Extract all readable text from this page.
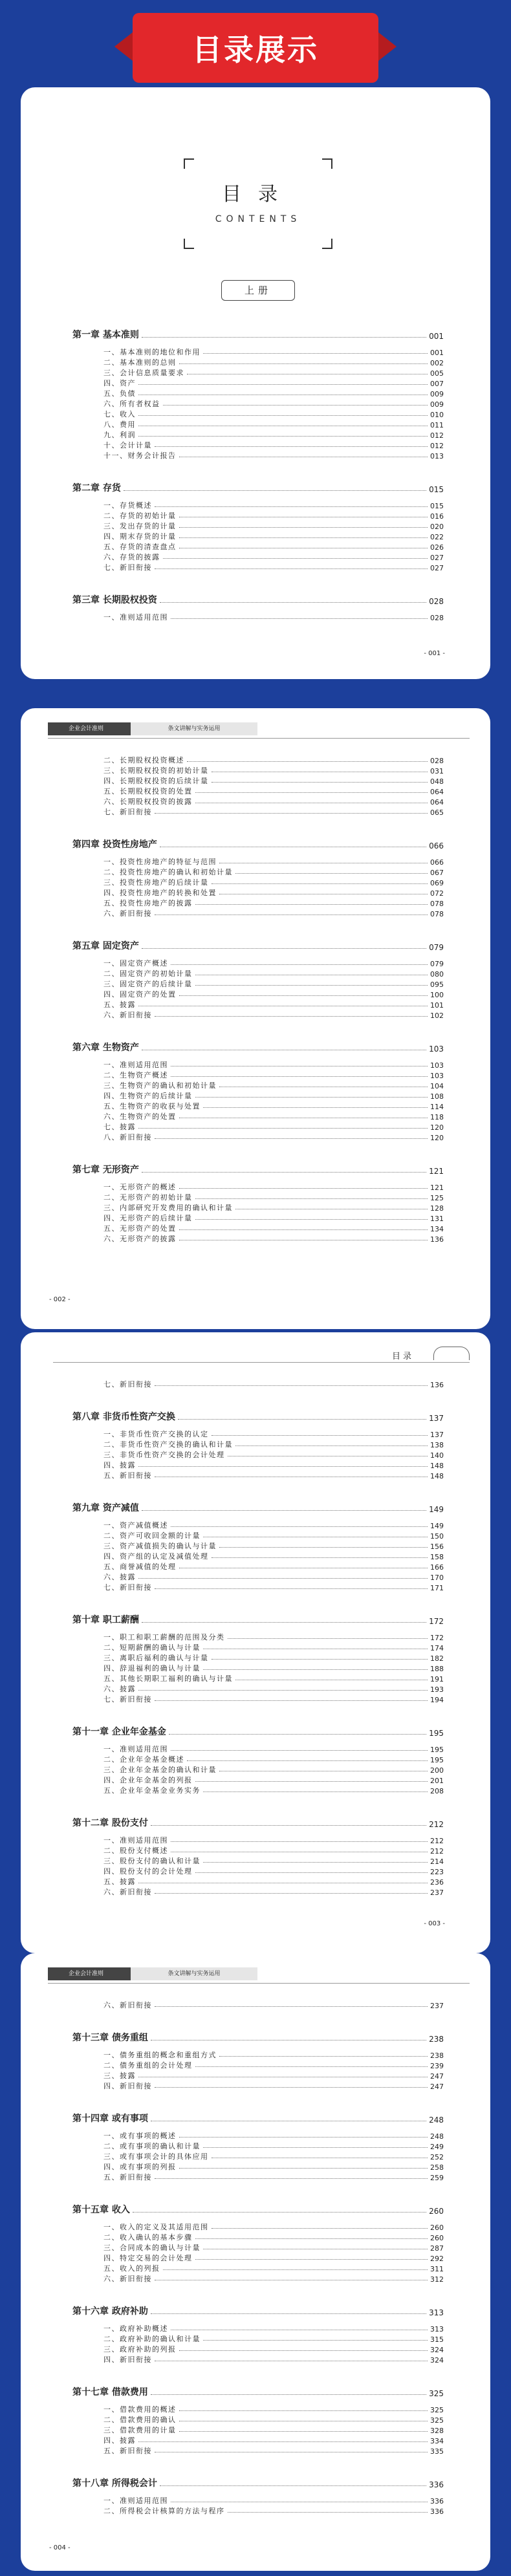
目录展示
目录
CONTENTS
上册
第一章 基本准则	001
一、基本准则的地位和作用	001
二、基本准则的总则	002
三、会计信息质量要求	005
四、资产	007
五、负债	009
六、所有者权益	009
七、收入	010
八、费用	011
九、利润	012
十、会计计量	012
十一、财务会计报告	013
第二章 存货	015
一、存货概述	015
二、存货的初始计量	016
三、发出存货的计量	020
四、期末存货的计量	022
五、存货的清查盘点	026
六、存货的披露	027
七、新旧衔接	027
第三章 长期股权投资	028
一、准则适用范围	028
- 001 -
企业会计准则	条文讲解与实务运用
二、长期股权投资概述	028
三、长期股权投资的初始计量	031
四、长期股权投资的后续计量	048
五、长期股权投资的处置	064
六、长期股权投资的披露	064
七、新旧衔接	065
第四章 投资性房地产	066
一、投资性房地产的特征与范围	066
二、投资性房地产的确认和初始计量	067
三、投资性房地产的后续计量	069
四、投资性房地产的转换和处置	072
五、投资性房地产的披露	078
六、新旧衔接	078
第五章 固定资产	079
一、固定资产概述	079
二、固定资产的初始计量	080
三、固定资产的后续计量	095
四、固定资产的处置	100
五、披露	101
六、新旧衔接	102
第六章 生物资产	103
一、准则适用范围	103
二、生物资产概述	103
三、生物资产的确认和初始计量	104
四、生物资产的后续计量	108
五、生物资产的收获与处置	114
六、生物资产的处置	118
七、披露	120
八、新旧衔接	120
第七章 无形资产	121
一、无形资产的概述	121
二、无形资产的初始计量	125
三、内部研究开发费用的确认和计量	128
四、无形资产的后续计量	131
五、无形资产的处置	134
六、无形资产的披露	136
- 002 -
目录
七、新旧衔接	136
第八章 非货币性资产交换	137
一、非货币性资产交换的认定	137
二、非货币性资产交换的确认和计量	138
三、非货币性资产交换的会计处理	140
四、披露	148
五、新旧衔接	148
第九章 资产减值	149
一、资产减值概述	149
二、资产可收回金额的计量	150
三、资产减值损失的确认与计量	156
四、资产组的认定及减值处理	158
五、商誉减值的处理	166
六、披露	170
七、新旧衔接	171
第十章 职工薪酬	172
一、职工和职工薪酬的范围及分类	172
二、短期薪酬的确认与计量	174
三、离职后福利的确认与计量	182
四、辞退福利的确认与计量	188
五、其他长期职工福利的确认与计量	191
六、披露	193
七、新旧衔接	194
第十一章 企业年金基金	195
一、准则适用范围	195
二、企业年金基金概述	195
三、企业年金基金的确认和计量	200
四、企业年金基金的列报	201
五、企业年金基金业务实务	208
第十二章 股份支付	212
一、准则适用范围	212
二、股份支付概述	212
三、股份支付的确认和计量	214
四、股份支付的会计处理	223
五、披露	236
六、新旧衔接	237
- 003 -
企业会计准则	条文讲解与实务运用
六、新旧衔接	237
第十三章 债务重组	238
一、债务重组的概念和重组方式	238
二、债务重组的会计处理	239
三、披露	247
四、新旧衔接	247
第十四章 或有事项	248
一、或有事项的概述	248
二、或有事项的确认和计量	249
三、或有事项会计的具体应用	252
四、或有事项的列报	258
五、新旧衔接	259
第十五章 收入	260
一、收入的定义及其适用范围	260
二、收入确认的基本步骤	260
三、合同成本的确认与计量	287
四、特定交易的会计处理	292
五、收入的列报	311
六、新旧衔接	312
第十六章 政府补助	313
一、政府补助概述	313
二、政府补助的确认和计量	315
三、政府补助的列报	324
四、新旧衔接	324
第十七章 借款费用	325
一、借款费用的概述	325
二、借款费用的确认	325
三、借款费用的计量	328
四、披露	334
五、新旧衔接	335
第十八章 所得税会计	336
一、准则适用范围	336
二、所得税会计核算的方法与程序	336
- 004 -
